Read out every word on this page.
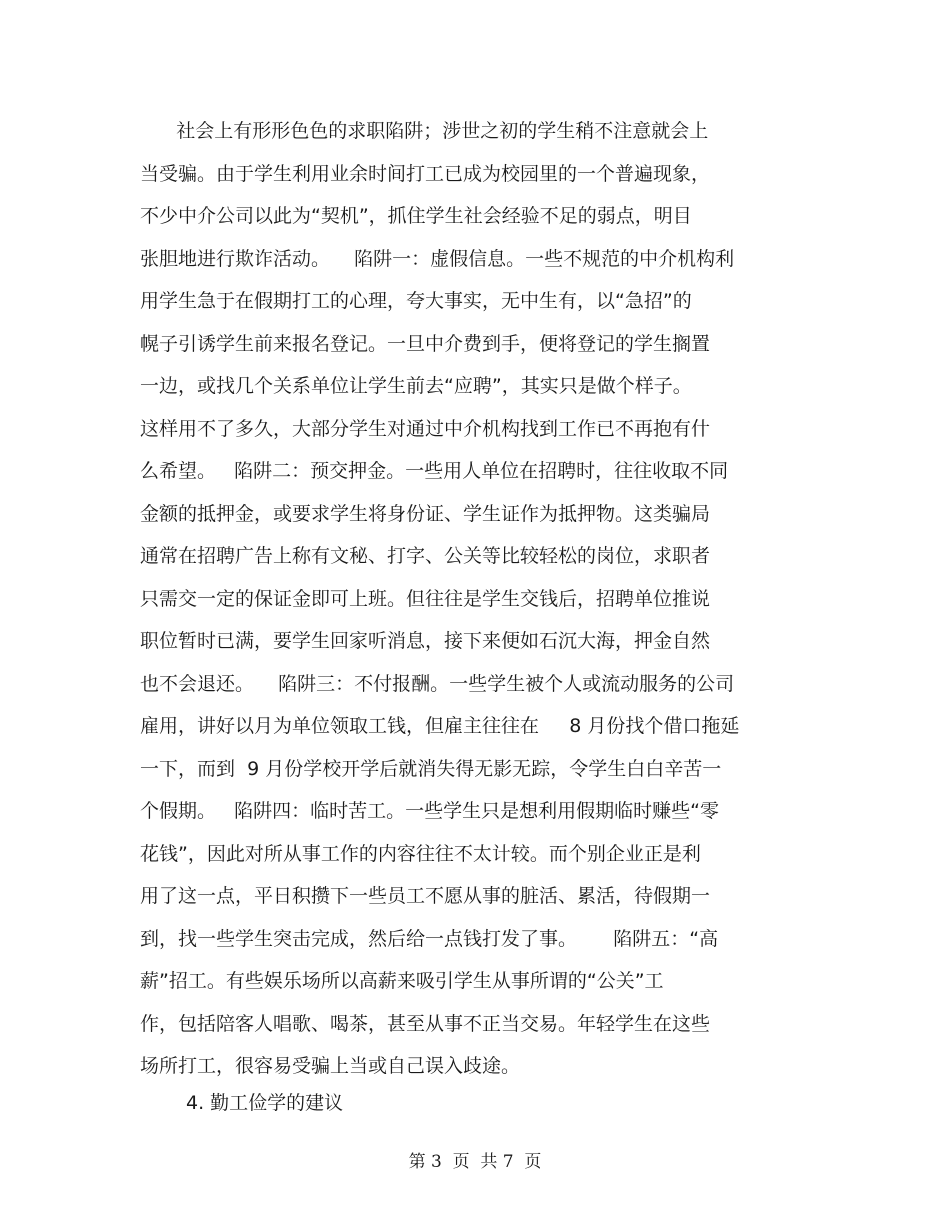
社会上有形形色色的求职陷阱；涉世之初的学生稍不注意就会上
当受骗。由于学生利用业余时间打工已成为校园里的一个普遍现象，
不少中介公司以此为“契机”，抓住学生社会经验不足的弱点，明目
张胆地进行欺诈活动。    陷阱一：虚假信息。一些不规范的中介机构利
用学生急于在假期打工的心理，夸大事实，无中生有，以“急招”的
幌子引诱学生前来报名登记。一旦中介费到手，便将登记的学生搁置
一边，或找几个关系单位让学生前去“应聘”，其实只是做个样子。
这样用不了多久，大部分学生对通过中介机构找到工作已不再抱有什
么希望。   陷阱二：预交押金。一些用人单位在招聘时，往往收取不同
金额的抵押金，或要求学生将身份证、学生证作为抵押物。这类骗局
通常在招聘广告上称有文秘、打字、公关等比较轻松的岗位，求职者
只需交一定的保证金即可上班。但往往是学生交钱后，招聘单位推说
职位暂时已满，要学生回家听消息，接下来便如石沉大海，押金自然
也不会退还。    陷阱三：不付报酬。一些学生被个人或流动服务的公司
雇用，讲好以月为单位领取工钱，但雇主往往在     8 月份找个借口拖延
一下，而到  9 月份学校开学后就消失得无影无踪，令学生白白辛苦一
个假期。   陷阱四：临时苦工。一些学生只是想利用假期临时赚些“零
花钱”，因此对所从事工作的内容往往不太计较。而个别企业正是利
用了这一点，平日积攒下一些员工不愿从事的脏活、累活，待假期一
到，找一些学生突击完成，然后给一点钱打发了事。      陷阱五：“高
薪”招工。有些娱乐场所以高薪来吸引学生从事所谓的“公关”工
作，包括陪客人唱歌、喝茶，甚至从事不正当交易。年轻学生在这些
场所打工，很容易受骗上当或自己误入歧途。
4. 勤工俭学的建议
第 3  页  共 7  页
